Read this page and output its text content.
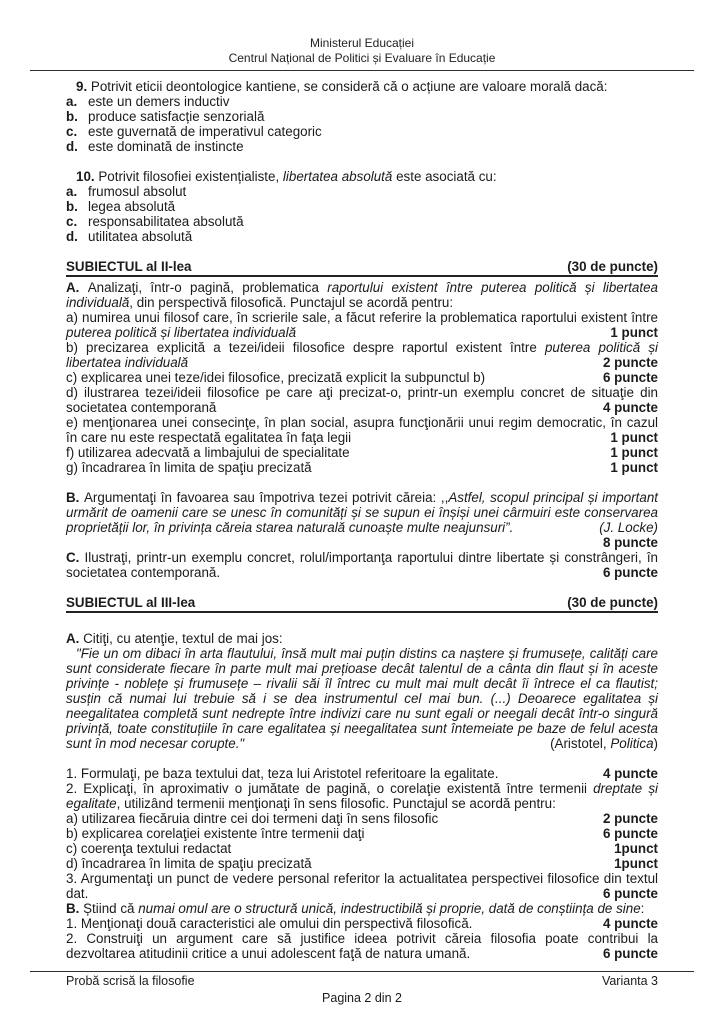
Ministerul Educației
Centrul Național de Politici și Evaluare în Educație

9. Potrivit eticii deontologice kantiene, se consideră că o acțiune are valoare morală dacă:

a. este un demers inductiv
b. produce satisfacție senzorială
c. este guvernată de imperativul categoric
d. este dominată de instincte

10. Potrivit filosofiei existențialiste, libertatea absolută este asociată cu:

a. frumosul absolut
b. legea absolută
c. responsabilitatea absolută
d. utilitatea absolută
SUBIECTUL al II-lea	(30 de puncte)

A. Analizaţi, într-o pagină, problematica raportului existent între puterea politică și libertatea individuală, din perspectivă filosofică. Punctajul se acordă pentru:

a) numirea unui filosof care, în scrierile sale, a făcut referire la problematica raportului existent între puterea politică și libertatea individuală	1 punct

b) precizarea explicită a tezei/ideii filosofice despre raportul existent între puterea politică și libertatea individuală	2 puncte

c) explicarea unei teze/idei filosofice, precizată explicit la subpunctul b)	6 puncte

d) ilustrarea tezei/ideii filosofice pe care aţi precizat-o, printr-un exemplu concret de situaţie din societatea contemporană	4 puncte

e) menţionarea unei consecinţe, în plan social, asupra funcţionării unui regim democratic, în cazul în care nu este respectată egalitatea în faţa legii	1 punct

f) utilizarea adecvată a limbajului de specialitate	1 punct

g) încadrarea în limita de spaţiu precizată	1 punct

B. Argumentaţi în favoarea sau împotriva tezei potrivit căreia: ,,Astfel, scopul principal și important urmărit de oamenii care se unesc în comunități și se supun ei înșiși unei cârmuiri este conservarea proprietății lor, în privința căreia starea naturală cunoaște multe neajunsuri”.	(J. Locke)

8 puncte

C. Ilustraţi, printr-un exemplu concret, rolul/importanţa raportului dintre libertate și constrângeri, în societatea contemporană.	6 puncte

SUBIECTUL al III-lea	(30 de puncte)

A. Citiţi, cu atenţie, textul de mai jos:

"Fie un om dibaci în arta flautului, însă mult mai puțin distins ca naștere și frumusețe, calități care sunt considerate fiecare în parte mult mai prețioase decât talentul de a cânta din flaut și în aceste privințe - noblețe și frumusețe – rivalii săi îl întrec cu mult mai mult decât îi întrece el ca flautist; susțin că numai lui trebuie să i se dea instrumentul cel mai bun. (...) Deoarece egalitatea și neegalitatea completă sunt nedrepte între indivizi care nu sunt egali or neegali decât într-o singură privință, toate constituțiile în care egalitatea și neegalitatea sunt întemeiate pe baze de felul acesta sunt în mod necesar corupte."	(Aristotel, Politica)

1. Formulaţi, pe baza textului dat, teza lui Aristotel referitoare la egalitate.	4 puncte

2. Explicaţi, în aproximativ o jumătate de pagină, o corelaţie existentă între termenii dreptate și egalitate, utilizând termenii menţionaţi în sens filosofic. Punctajul se acordă pentru:

a) utilizarea fiecăruia dintre cei doi termeni daţi în sens filosofic	2 puncte

b) explicarea corelaţiei existente între termenii daţi	6 puncte

c) coerenţa textului redactat	1punct

d) încadrarea în limita de spaţiu precizată	1punct

3. Argumentaţi un punct de vedere personal referitor la actualitatea perspectivei filosofice din textul dat.	6 puncte

B. Știind că numai omul are o structură unică, indestructibilă și proprie, dată de conștiința de sine:

1. Menţionaţi două caracteristici ale omului din perspectivă filosofică.	4 puncte

2. Construiţi un argument care să justifice ideea potrivit căreia filosofia poate contribui la dezvoltarea atitudinii critice a unui adolescent faţă de natura umană.	6 puncte

Probă scrisă la filosofie	Varianta 3
Pagina 2 din 2
